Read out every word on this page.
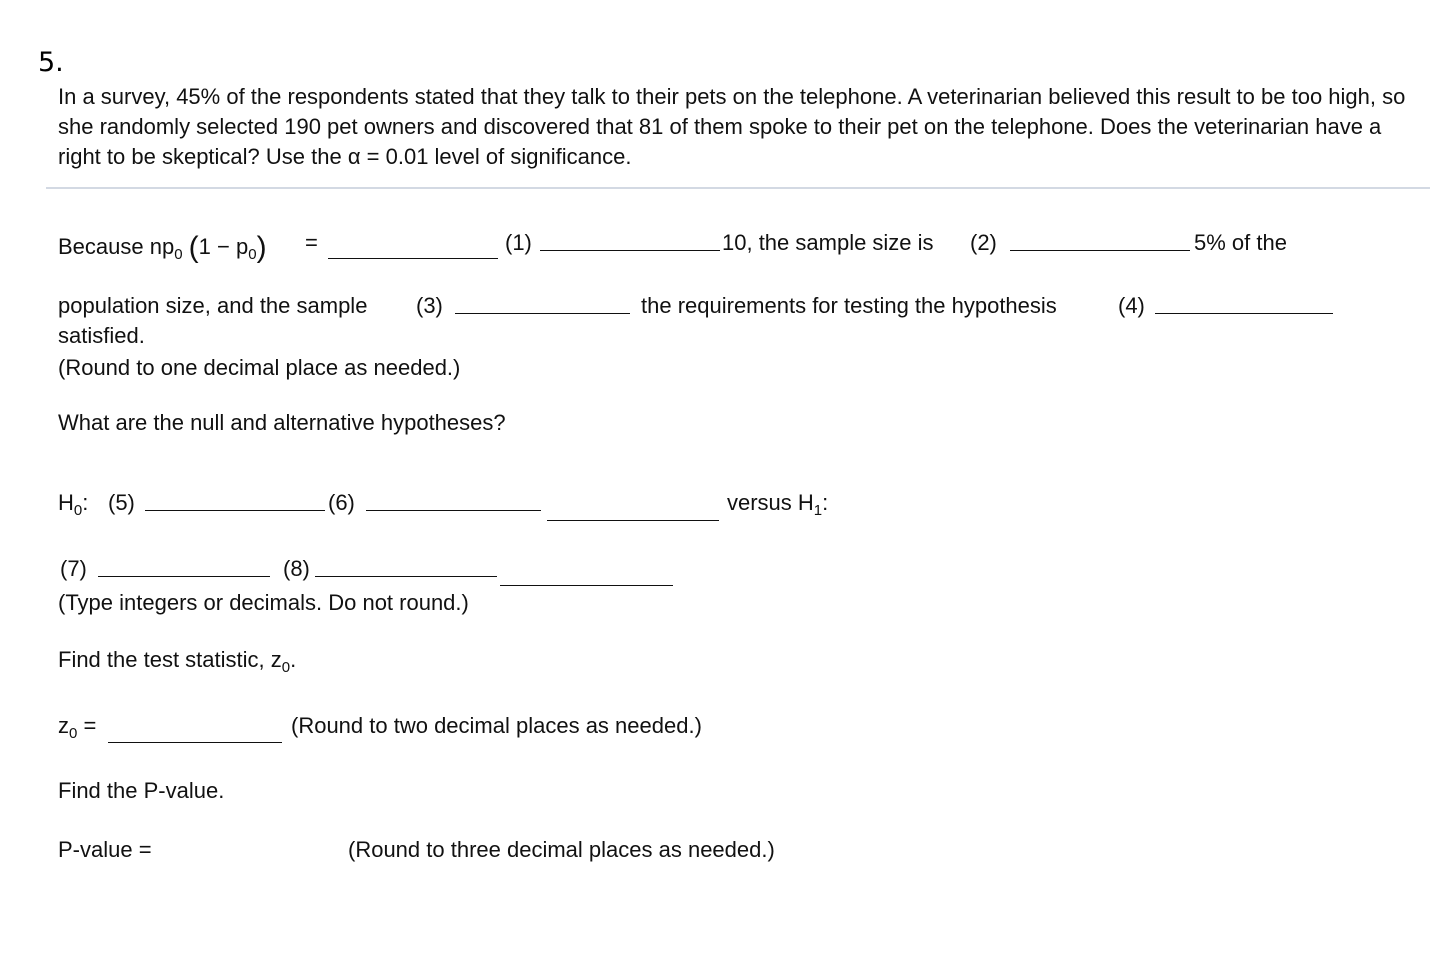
5.
In a survey, 45% of the respondents stated that they talk to their pets on the telephone. A veterinarian believed this result to be too high, so she randomly selected 190 pet owners and discovered that 81 of them spoke to their pet on the telephone. Does the veterinarian have a right to be skeptical? Use the α = 0.01 level of significance.
Because $np_0$ $(1 - p_0)$ =	(1)	10, the sample size is (2)	5% of the
population size, and the sample (3)	the requirements for testing the hypothesis	(4)
satisfied.
(Round to one decimal place as needed.)
What are the null and alternative hypotheses?
$H_0$: (5)	(6)	versus $H_1$:
(7)	(8)
(Type integers or decimals. Do not round.)
Find the test statistic, $z_0$.
$z_0$ =	(Round to two decimal places as needed.)
Find the P-value.
P-value =	(Round to three decimal places as needed.)
